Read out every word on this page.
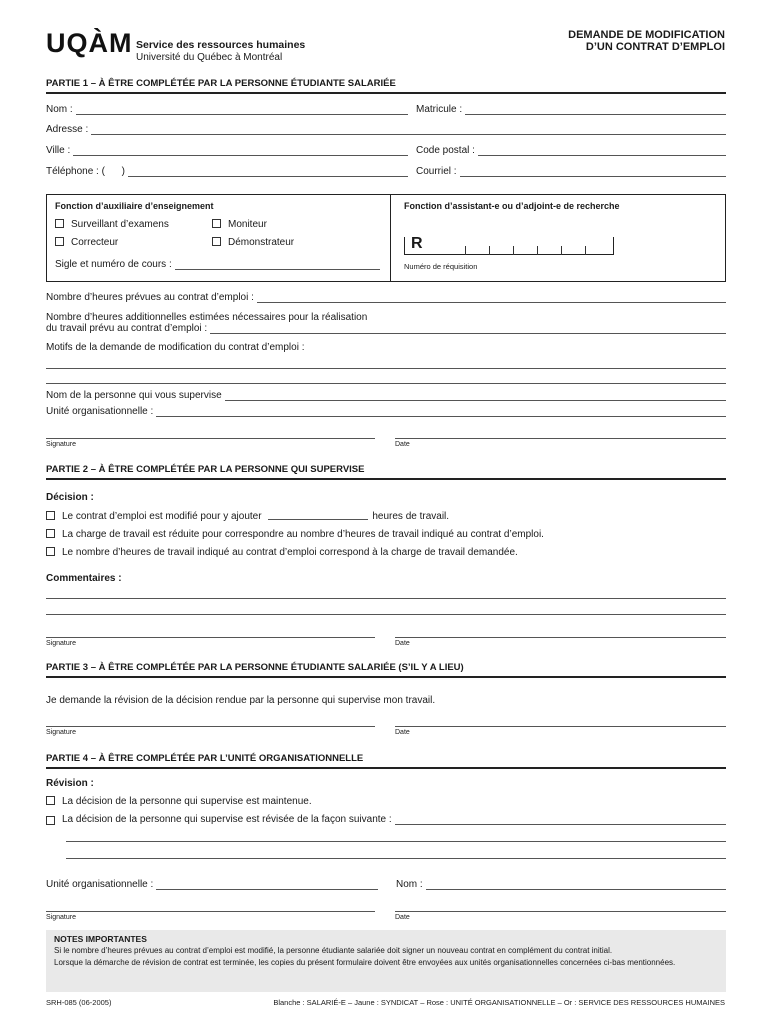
UQÀM Service des ressources humaines
Université du Québec à Montréal
DEMANDE DE MODIFICATION
D’UN CONTRAT D’EMPLOI
PARTIE 1 – À ÊTRE COMPLÉTÉE PAR LA PERSONNE ÉTUDIANTE SALARIÉE
Nom :	Matricule :
Adresse :
Ville :	Code postal :
Téléphone : (      )	Courriel :
Fonction d’auxiliaire d’enseignement
Surveillant d’examens	Moniteur
Correcteur	Démonstrateur
Sigle et numéro de cours :
Fonction d’assistant-e ou d’adjoint-e de recherche
R
Numéro de réquisition
Nombre d’heures prévues au contrat d’emploi :
Nombre d’heures additionnelles estimées nécessaires pour la réalisation
du travail prévu au contrat d’emploi :
Motifs de la demande de modification du contrat d’emploi :
Nom de la personne qui vous supervise
Unité organisationnelle :
Signature	Date
PARTIE 2 – À ÊTRE COMPLÉTÉE PAR LA PERSONNE QUI SUPERVISE
Décision :
Le contrat d’emploi est modifié pour y ajouter	heures de travail.
La charge de travail est réduite pour correspondre au nombre d’heures de travail indiqué au contrat d’emploi.
Le nombre d’heures de travail indiqué au contrat d’emploi correspond à la charge de travail demandée.
Commentaires :
Signature	Date
PARTIE 3 – À ÊTRE COMPLÉTÉE PAR LA PERSONNE ÉTUDIANTE SALARIÉE (S’IL Y A LIEU)
Je demande la révision de la décision rendue par la personne qui supervise mon travail.
Signature	Date
PARTIE 4 – À ÊTRE COMPLÉTÉE PAR L’UNITÉ ORGANISATIONNELLE
Révision :
La décision de la personne qui supervise est maintenue.
La décision de la personne qui supervise est révisée de la façon suivante :
Unité organisationnelle :	Nom :
Signature	Date
NOTES IMPORTANTES
Si le nombre d’heures prévues au contrat d’emploi est modifié, la personne étudiante salariée doit signer un nouveau contrat en complément du contrat initial.
Lorsque la démarche de révision de contrat est terminée, les copies du présent formulaire doivent être envoyées aux unités organisationnelles concernées ci-bas mentionnées.
SRH-085 (06-2005)	Blanche : SALARIÉ-E – Jaune : SYNDICAT – Rose : UNITÉ ORGANISATIONNELLE – Or : SERVICE DES RESSOURCES HUMAINES
